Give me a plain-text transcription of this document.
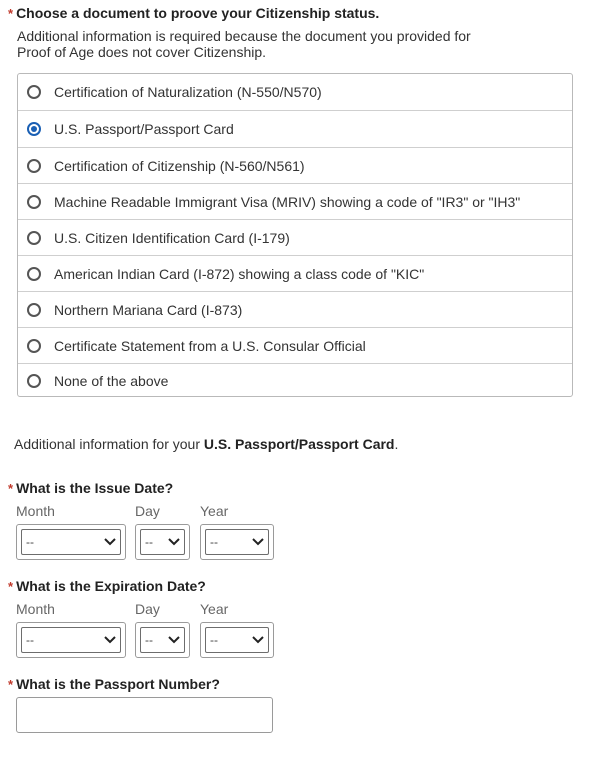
* Choose a document to proove your Citizenship status.
Additional information is required because the document you provided for Proof of Age does not cover Citizenship.
Certification of Naturalization (N-550/N570)
U.S. Passport/Passport Card
Certification of Citizenship (N-560/N561)
Machine Readable Immigrant Visa (MRIV) showing a code of "IR3" or "IH3"
U.S. Citizen Identification Card (I-179)
American Indian Card (I-872) showing a class code of "KIC"
Northern Mariana Card (I-873)
Certificate Statement from a U.S. Consular Official
None of the above
Additional information for your U.S. Passport/Passport Card.
* What is the Issue Date?
Month	Day	Year
--	--	--
* What is the Expiration Date?
Month	Day	Year
--	--	--
* What is the Passport Number?
